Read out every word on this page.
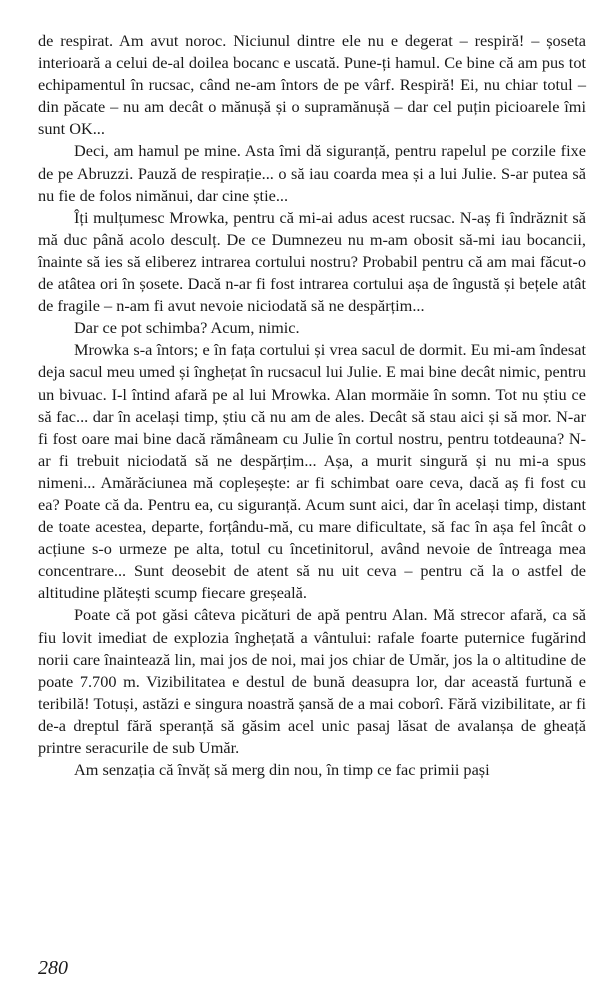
de respirat. Am avut noroc. Niciunul dintre ele nu e degerat – respiră! – șoseta interioară a celui de-al doilea bocanc e uscată. Pune-ți hamul. Ce bine că am pus tot echipamentul în rucsac, când ne-am întors de pe vârf. Respiră! Ei, nu chiar totul – din păcate – nu am decât o mănușă și o supramănușă – dar cel puțin picioarele îmi sunt OK...

Deci, am hamul pe mine. Asta îmi dă siguranță, pentru rapelul pe corzile fixe de pe Abruzzi. Pauză de respirație... o să iau coarda mea și a lui Julie. S-ar putea să nu fie de folos nimănui, dar cine știe...

Îți mulțumesc Mrowka, pentru că mi-ai adus acest rucsac. N-aș fi îndrăznit să mă duc până acolo desculț. De ce Dumnezeu nu m-am obosit să-mi iau bocancii, înainte să ies să eliberez intrarea cortului nostru? Probabil pentru că am mai făcut-o de atâtea ori în șosete. Dacă n-ar fi fost intrarea cortului așa de îngustă și bețele atât de fragile – n-am fi avut nevoie niciodată să ne despărțim...

Dar ce pot schimba? Acum, nimic.

Mrowka s-a întors; e în fața cortului și vrea sacul de dormit. Eu mi-am îndesat deja sacul meu umed și înghețat în rucsacul lui Julie. E mai bine decât nimic, pentru un bivuac. I-l întind afară pe al lui Mrowka. Alan mormăie în somn. Tot nu știu ce să fac... dar în același timp, știu că nu am de ales. Decât să stau aici și să mor. N-ar fi fost oare mai bine dacă rămâneam cu Julie în cortul nostru, pentru totdeauna? N-ar fi trebuit niciodată să ne despărțim... Așa, a murit singură și nu mi-a spus nimeni... Amărăciunea mă copleșește: ar fi schimbat oare ceva, dacă aș fi fost cu ea? Poate că da. Pentru ea, cu siguranță. Acum sunt aici, dar în același timp, distant de toate acestea, departe, forțându-mă, cu mare dificultate, să fac în așa fel încât o acțiune s-o urmeze pe alta, totul cu încetinitorul, având nevoie de întreaga mea concentrare... Sunt deosebit de atent să nu uit ceva – pentru că la o astfel de altitudine plătești scump fiecare greșeală.

Poate că pot găsi câteva picături de apă pentru Alan. Mă strecor afară, ca să fiu lovit imediat de explozia înghețată a vântului: rafale foarte puternice fugărind norii care înaintează lin, mai jos de noi, mai jos chiar de Umăr, jos la o altitudine de poate 7.700 m. Vizibilitatea e destul de bună deasupra lor, dar această furtună e teribilă! Totuși, astăzi e singura noastră șansă de a mai coborî. Fără vizibilitate, ar fi de-a dreptul fără speranță să găsim acel unic pasaj lăsat de avalanșa de gheață printre seracurile de sub Umăr.

Am senzația că învăț să merg din nou, în timp ce fac primii pași

280
